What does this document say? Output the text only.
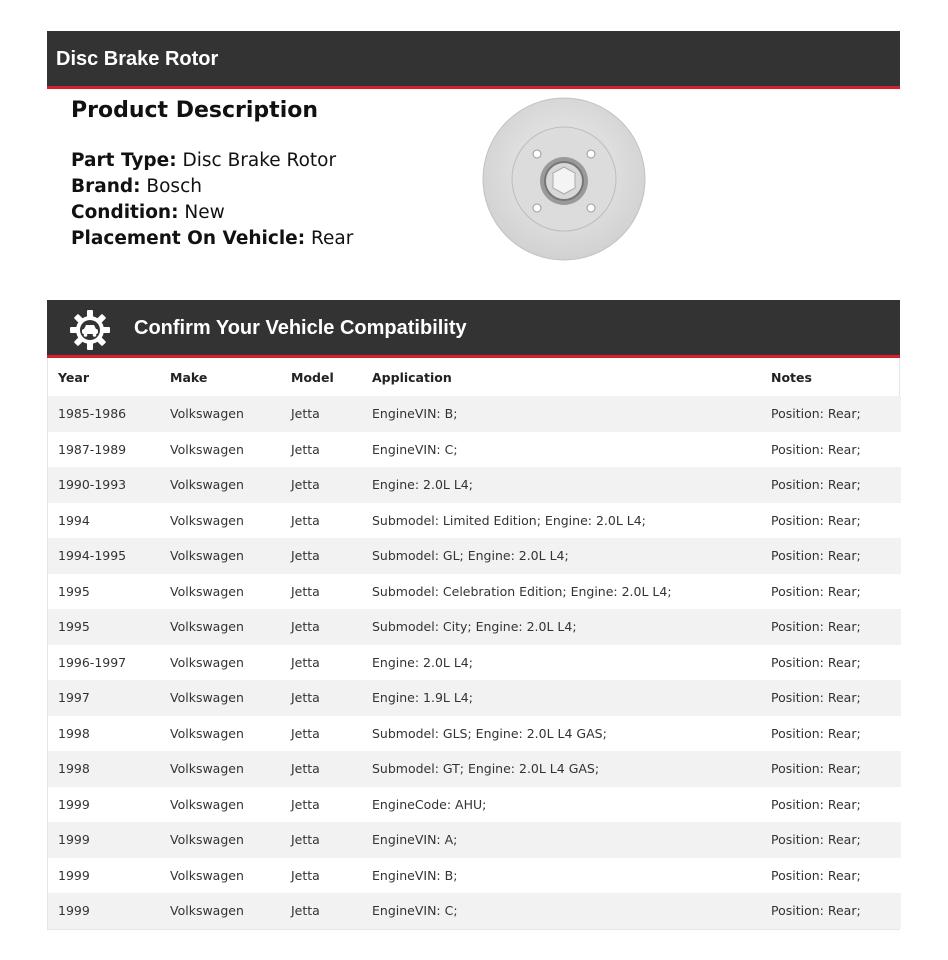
Disc Brake Rotor
Product Description
Part Type: Disc Brake Rotor
Brand: Bosch
Condition: New
Placement On Vehicle: Rear
Confirm Your Vehicle Compatibility
Year	Make	Model	Application	Notes
1985-1986	Volkswagen	Jetta	EngineVIN: B;	Position: Rear;
1987-1989	Volkswagen	Jetta	EngineVIN: C;	Position: Rear;
1990-1993	Volkswagen	Jetta	Engine: 2.0L L4;	Position: Rear;
1994	Volkswagen	Jetta	Submodel: Limited Edition; Engine: 2.0L L4;	Position: Rear;
1994-1995	Volkswagen	Jetta	Submodel: GL; Engine: 2.0L L4;	Position: Rear;
1995	Volkswagen	Jetta	Submodel: Celebration Edition; Engine: 2.0L L4;	Position: Rear;
1995	Volkswagen	Jetta	Submodel: City; Engine: 2.0L L4;	Position: Rear;
1996-1997	Volkswagen	Jetta	Engine: 2.0L L4;	Position: Rear;
1997	Volkswagen	Jetta	Engine: 1.9L L4;	Position: Rear;
1998	Volkswagen	Jetta	Submodel: GLS; Engine: 2.0L L4 GAS;	Position: Rear;
1998	Volkswagen	Jetta	Submodel: GT; Engine: 2.0L L4 GAS;	Position: Rear;
1999	Volkswagen	Jetta	EngineCode: AHU;	Position: Rear;
1999	Volkswagen	Jetta	EngineVIN: A;	Position: Rear;
1999	Volkswagen	Jetta	EngineVIN: B;	Position: Rear;
1999	Volkswagen	Jetta	EngineVIN: C;	Position: Rear;
